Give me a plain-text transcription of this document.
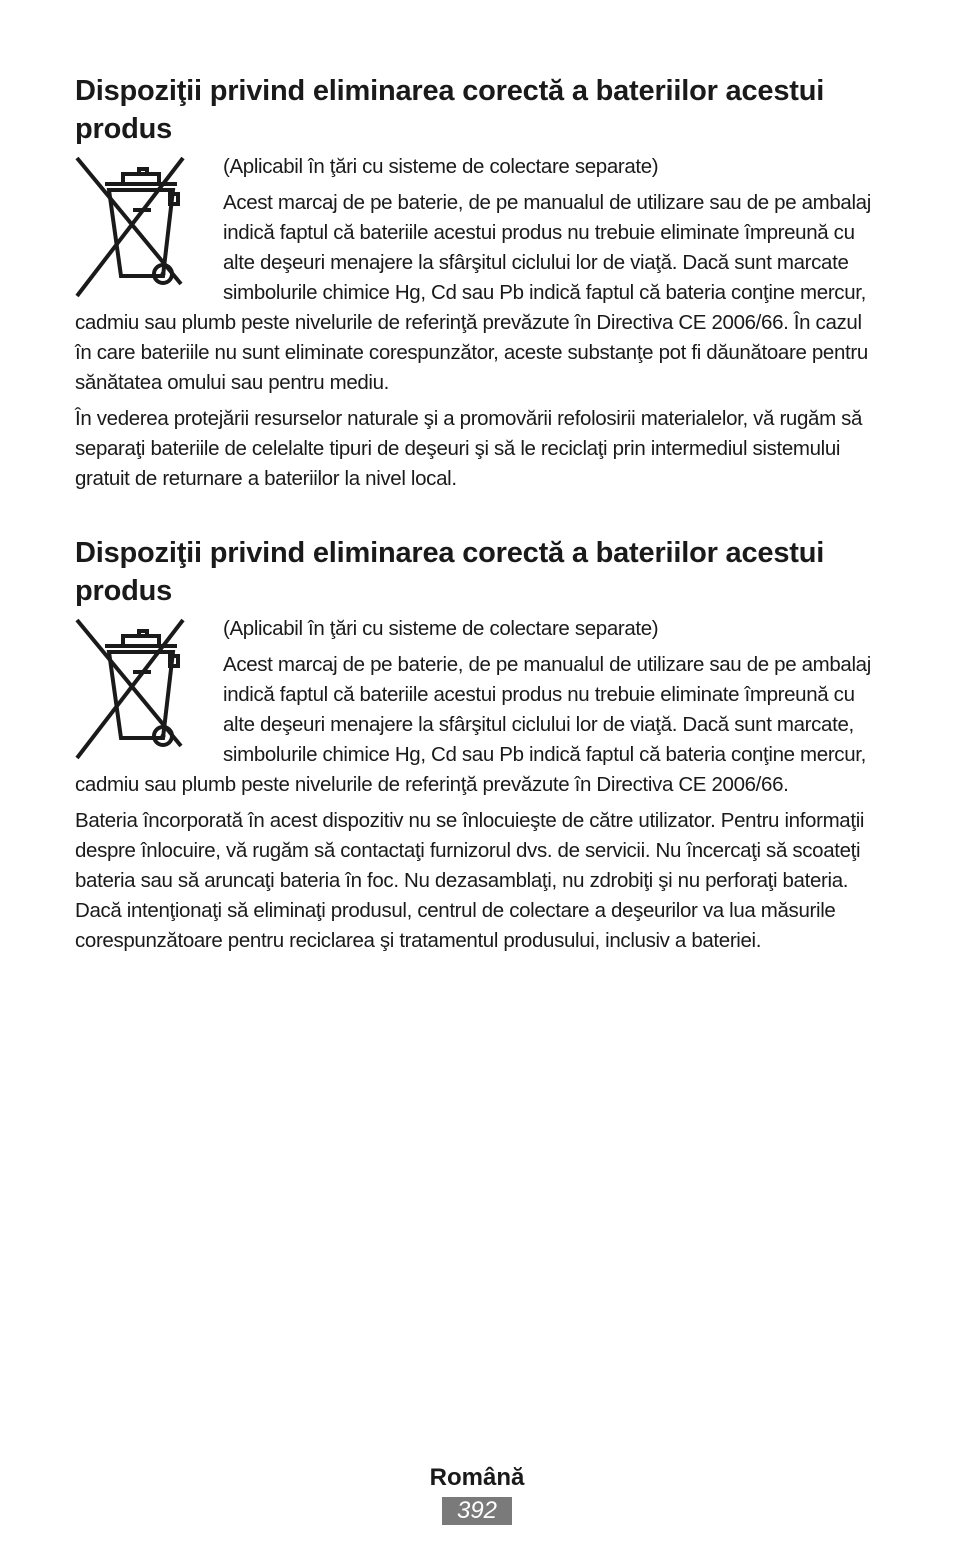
Dispoziţii privind eliminarea corectă a bateriilor acestui produs
(Aplicabil în ţări cu sisteme de colectare separate)
Acest marcaj de pe baterie, de pe manualul de utilizare sau de pe ambalaj indică faptul că bateriile acestui produs nu trebuie eliminate împreună cu alte deşeuri menajere la sfârşitul ciclului lor de viaţă. Dacă sunt marcate simbolurile chimice Hg, Cd sau Pb indică faptul că bateria conţine mercur, cadmiu sau plumb peste nivelurile de referinţă prevăzute în Directiva CE 2006/66. În cazul în care bateriile nu sunt eliminate corespunzător, aceste substanţe pot fi dăunătoare pentru sănătatea omului sau pentru mediu.
În vederea protejării resurselor naturale şi a promovării refolosirii materialelor, vă rugăm să separaţi bateriile de celelalte tipuri de deşeuri şi să le reciclaţi prin intermediul sistemului gratuit de returnare a bateriilor la nivel local.
Dispoziţii privind eliminarea corectă a bateriilor acestui produs
(Aplicabil în ţări cu sisteme de colectare separate)
Acest marcaj de pe baterie, de pe manualul de utilizare sau de pe ambalaj indică faptul că bateriile acestui produs nu trebuie eliminate împreună cu alte deşeuri menajere la sfârşitul ciclului lor de viaţă. Dacă sunt marcate, simbolurile chimice Hg, Cd sau Pb indică faptul că bateria conţine mercur, cadmiu sau plumb peste nivelurile de referinţă prevăzute în Directiva CE 2006/66.
Bateria încorporată în acest dispozitiv nu se înlocuieşte de către utilizator. Pentru informaţii despre înlocuire, vă rugăm să contactaţi furnizorul dvs. de servicii. Nu încercaţi să scoateţi bateria sau să aruncaţi bateria în foc. Nu dezasamblaţi, nu zdrobiţi şi nu perforaţi bateria. Dacă intenţionaţi să eliminaţi produsul, centrul de colectare a deşeurilor va lua măsurile corespunzătoare pentru reciclarea şi tratamentul produsului, inclusiv a bateriei.
Română
392
